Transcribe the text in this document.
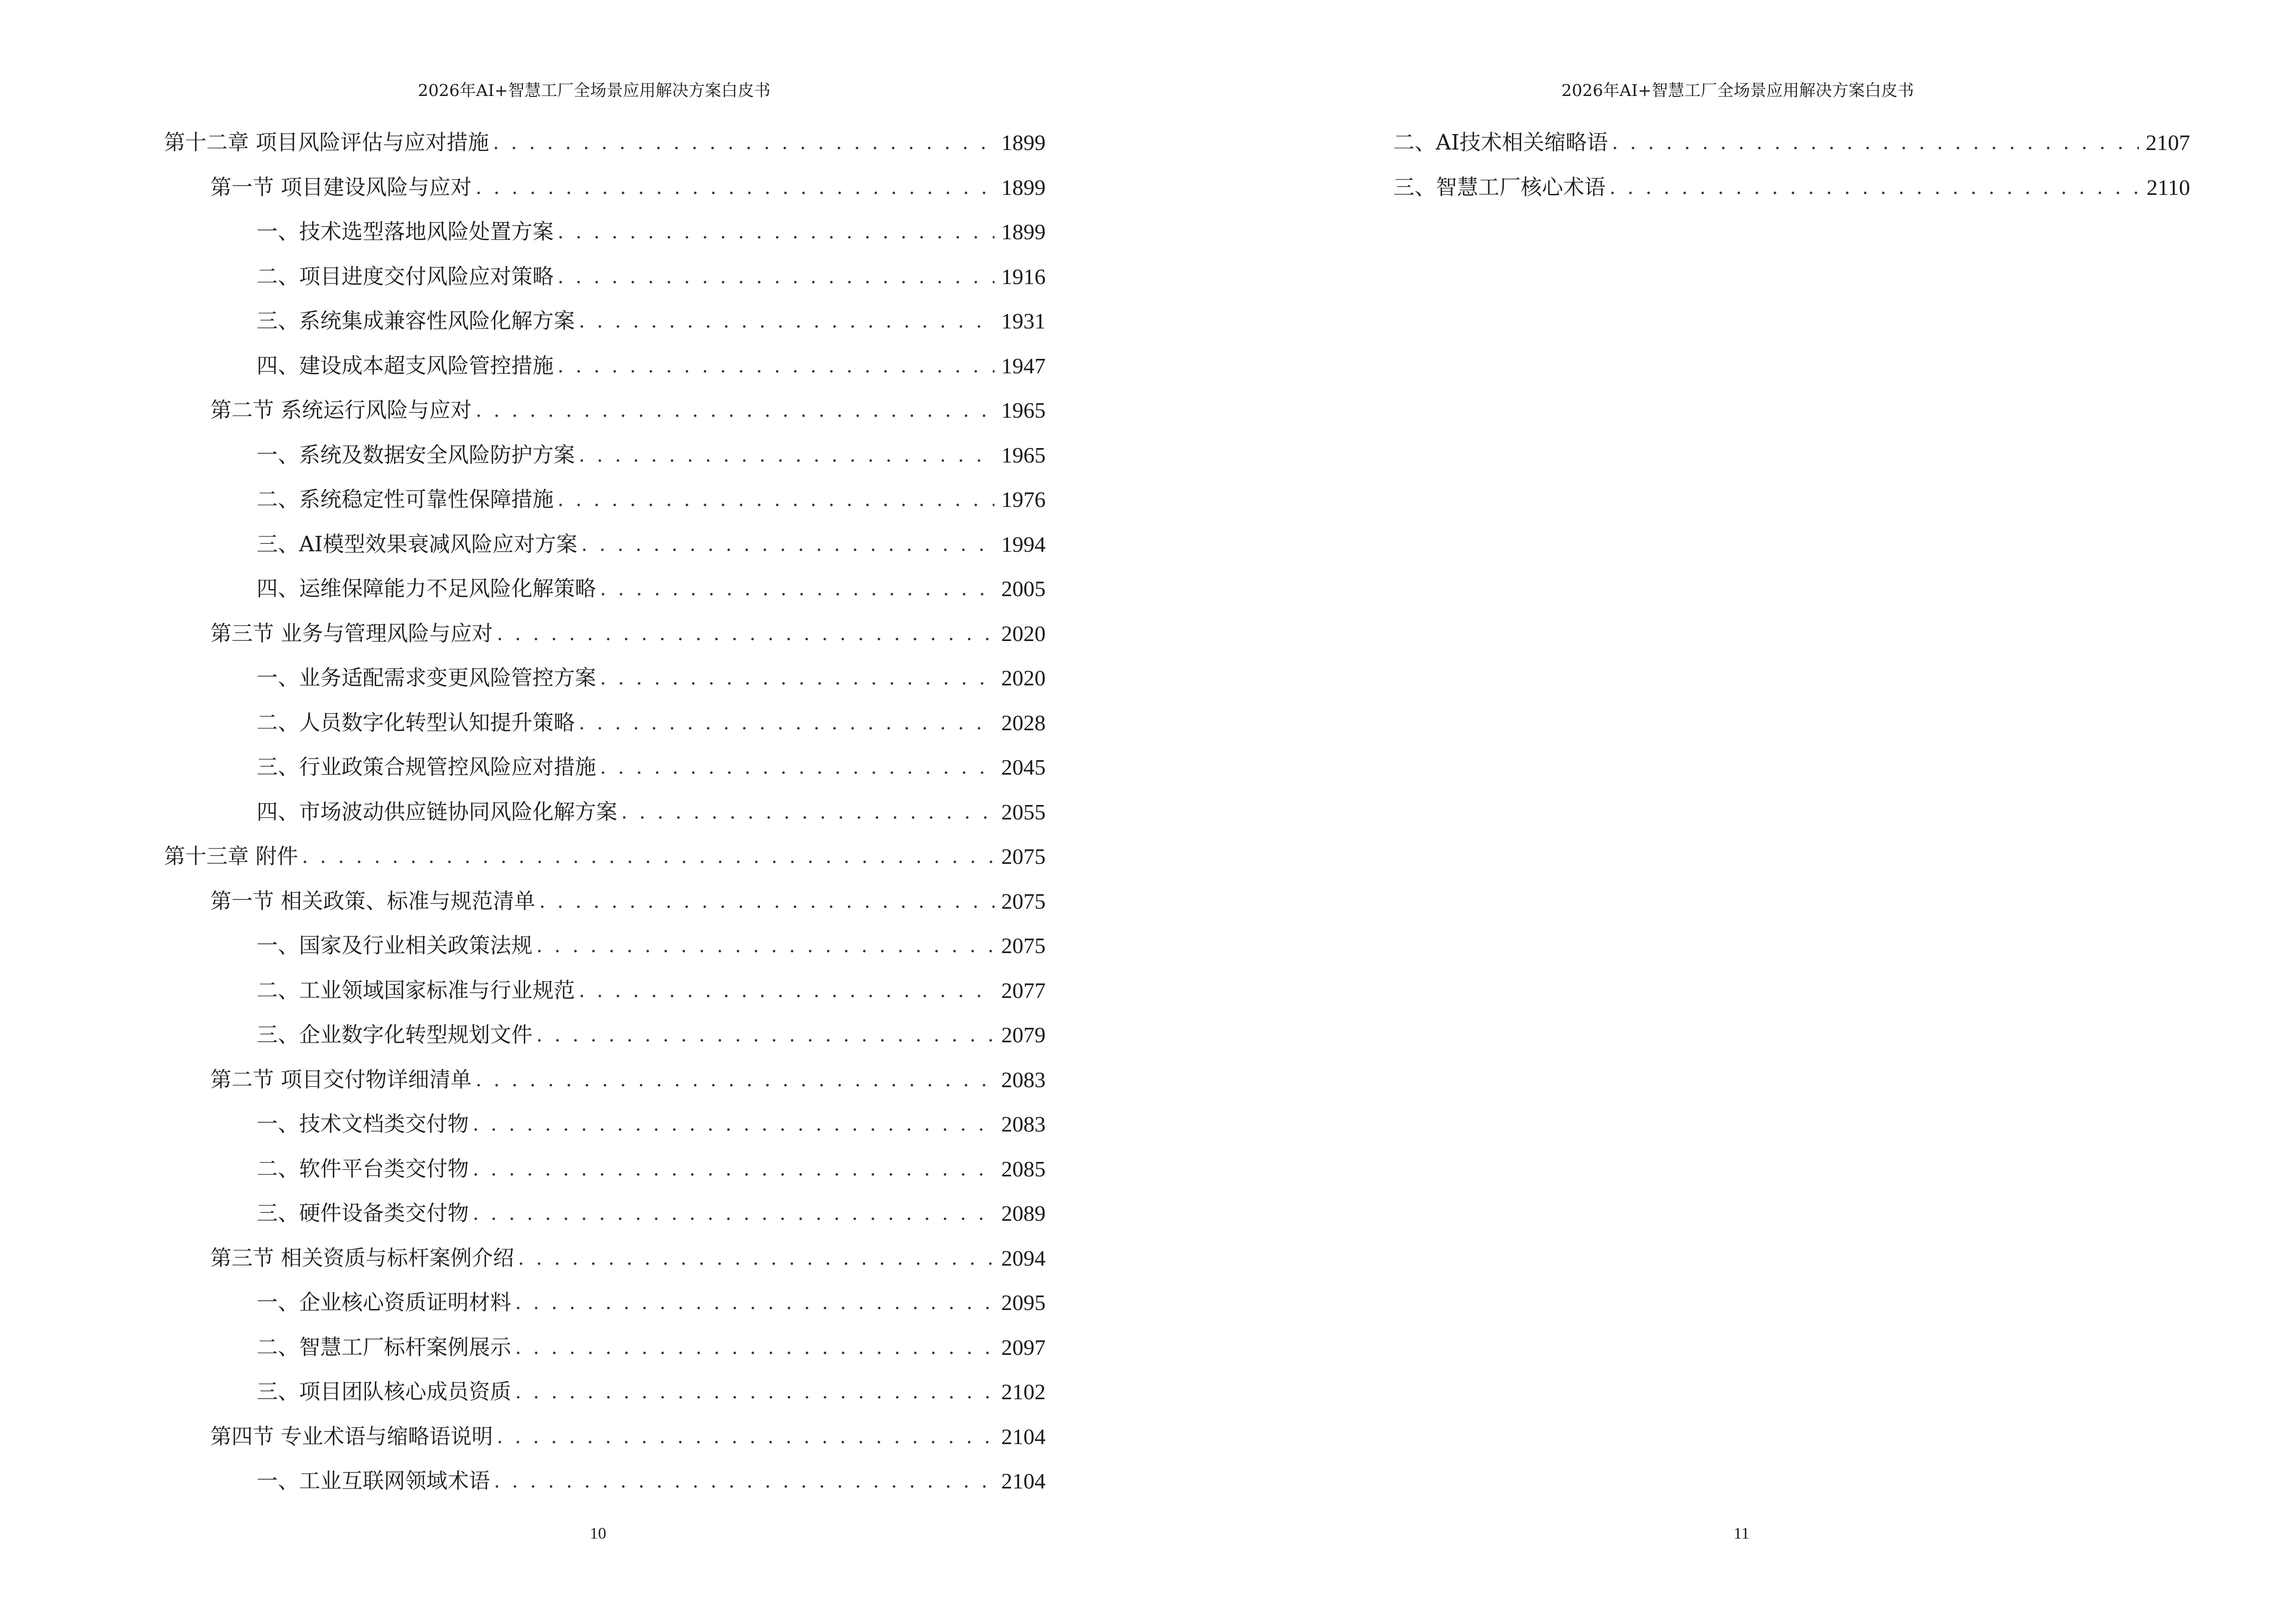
2026年AI+智慧工厂全场景应用解决方案白皮书
第十二章 项目风险评估与应对措施 . . .	1899
第一节 项目建设风险与应对 . . .	1899
一、技术选型落地风险处置方案 . . .	1899
二、项目进度交付风险应对策略 . . .	1916
三、系统集成兼容性风险化解方案 . . .	1931
四、建设成本超支风险管控措施 . . .	1947
第二节 系统运行风险与应对 . . .	1965
一、系统及数据安全风险防护方案 . . .	1965
二、系统稳定性可靠性保障措施 . . .	1976
三、AI模型效果衰减风险应对方案 . . .	1994
四、运维保障能力不足风险化解策略 . . .	2005
第三节 业务与管理风险与应对 . . .	2020
一、业务适配需求变更风险管控方案 . . .	2020
二、人员数字化转型认知提升策略 . . .	2028
三、行业政策合规管控风险应对措施 . . .	2045
四、市场波动供应链协同风险化解方案 . . .	2055
第十三章 附件 . . .	2075
第一节 相关政策、标准与规范清单 . . .	2075
一、国家及行业相关政策法规 . . .	2075
二、工业领域国家标准与行业规范 . . .	2077
三、企业数字化转型规划文件 . . .	2079
第二节 项目交付物详细清单 . . .	2083
一、技术文档类交付物 . . .	2083
二、软件平台类交付物 . . .	2085
三、硬件设备类交付物 . . .	2089
第三节 相关资质与标杆案例介绍 . . .	2094
一、企业核心资质证明材料 . . .	2095
二、智慧工厂标杆案例展示 . . .	2097
三、项目团队核心成员资质 . . .	2102
第四节 专业术语与缩略语说明 . . .	2104
一、工业互联网领域术语 . . .	2104
10
2026年AI+智慧工厂全场景应用解决方案白皮书
二、AI技术相关缩略语 . . .	2107
三、智慧工厂核心术语 . . .	2110
11
